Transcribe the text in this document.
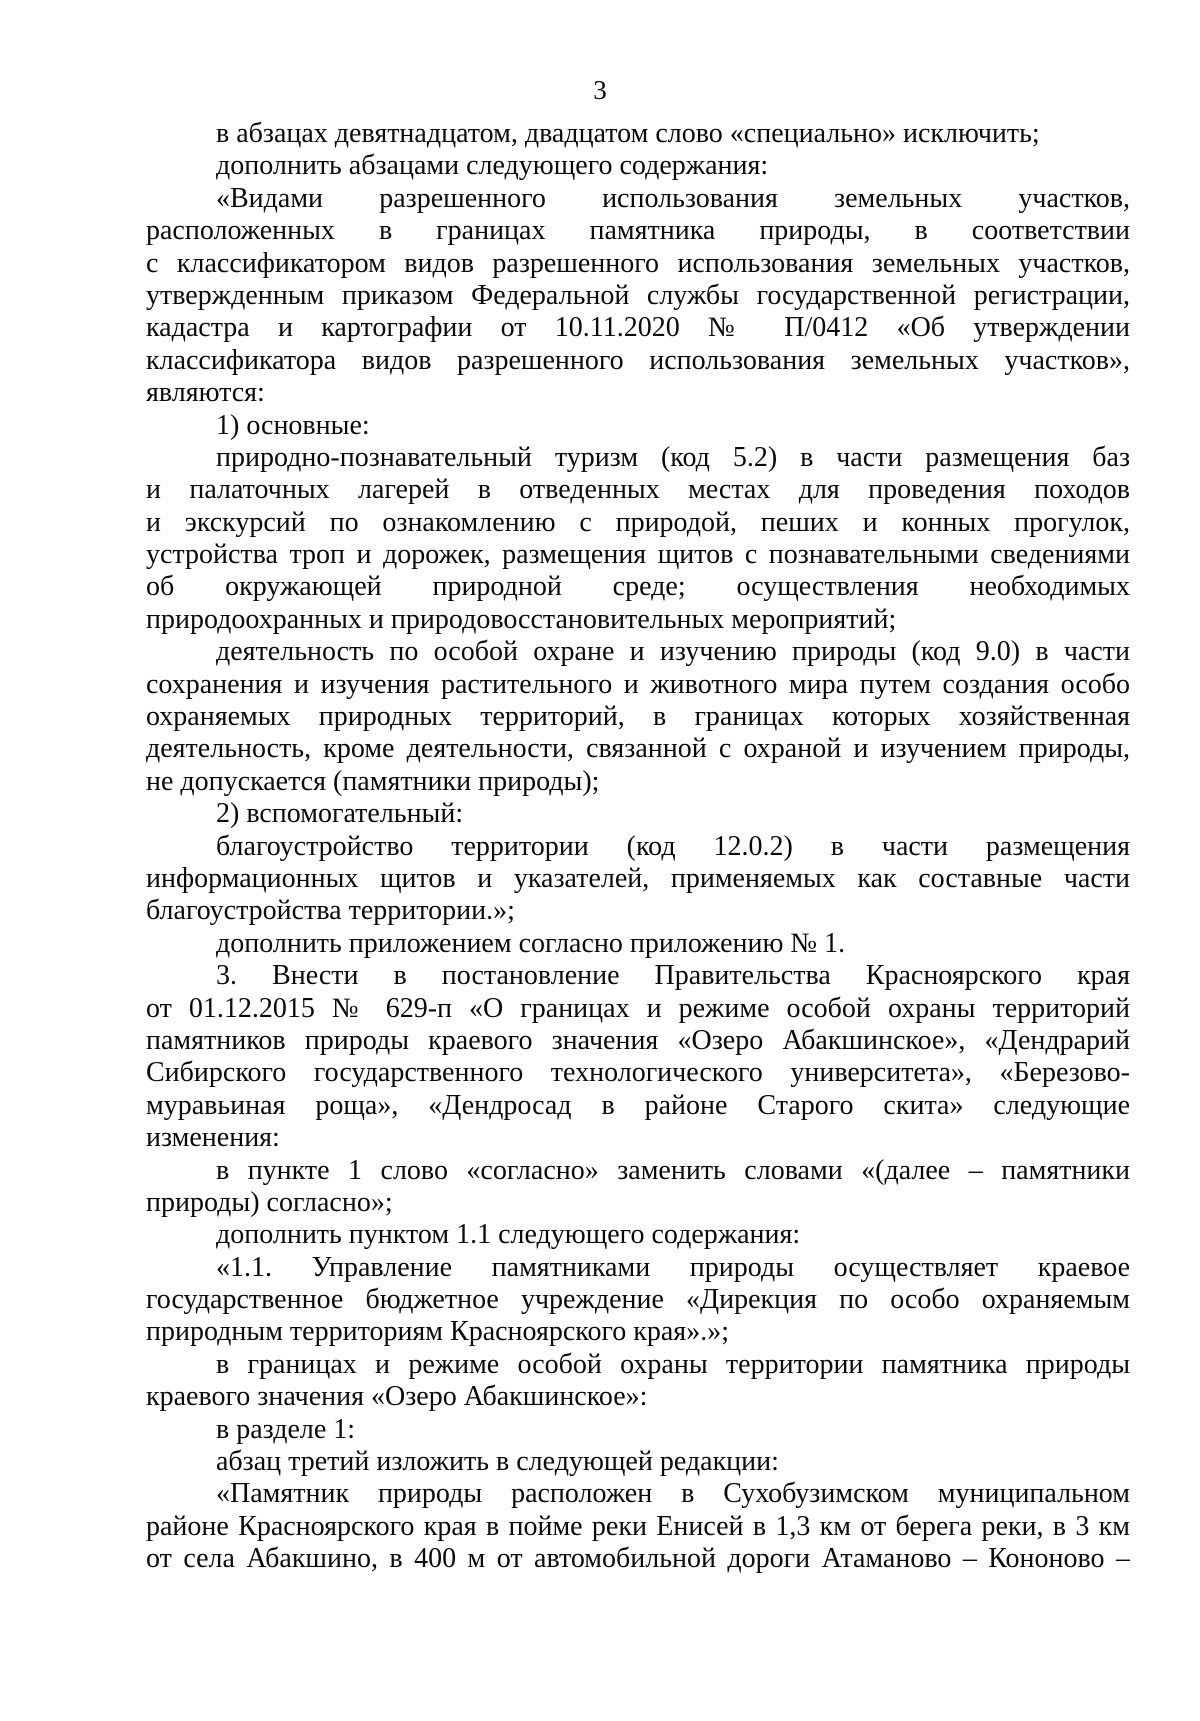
3
в абзацах девятнадцатом, двадцатом слово «специально» исключить;
дополнить абзацами следующего содержания:
«Видами разрешенного использования земельных участков,
расположенных в границах памятника природы, в соответствии
с классификатором видов разрешенного использования земельных участков,
утвержденным приказом Федеральной службы государственной регистрации,
кадастра и картографии от 10.11.2020 № П/0412 «Об утверждении
классификатора видов разрешенного использования земельных участков»,
являются:
1) основные:
природно-познавательный туризм (код 5.2) в части размещения баз
и палаточных лагерей в отведенных местах для проведения походов
и экскурсий по ознакомлению с природой, пеших и конных прогулок,
устройства троп и дорожек, размещения щитов с познавательными сведениями
об окружающей природной среде; осуществления необходимых
природоохранных и природовосстановительных мероприятий;
деятельность по особой охране и изучению природы (код 9.0) в части
сохранения и изучения растительного и животного мира путем создания особо
охраняемых природных территорий, в границах которых хозяйственная
деятельность, кроме деятельности, связанной с охраной и изучением природы,
не допускается (памятники природы);
2) вспомогательный:
благоустройство территории (код 12.0.2) в части размещения
информационных щитов и указателей, применяемых как составные части
благоустройства территории.»;
дополнить приложением согласно приложению № 1.
3. Внести в постановление Правительства Красноярского края
от 01.12.2015 № 629-п «О границах и режиме особой охраны территорий
памятников природы краевого значения «Озеро Абакшинское», «Дендрарий
Сибирского государственного технологического университета», «Березово-
муравьиная роща», «Дендросад в районе Старого скита» следующие
изменения:
в пункте 1 слово «согласно» заменить словами «(далее – памятники
природы) согласно»;
дополнить пунктом 1.1 следующего содержания:
«1.1. Управление памятниками природы осуществляет краевое
государственное бюджетное учреждение «Дирекция по особо охраняемым
природным территориям Красноярского края».»;
в границах и режиме особой охраны территории памятника природы
краевого значения «Озеро Абакшинское»:
в разделе 1:
абзац третий изложить в следующей редакции:
«Памятник природы расположен в Сухобузимском муниципальном
районе Красноярского края в пойме реки Енисей в 1,3 км от берега реки, в 3 км
от села Абакшино, в 400 м от автомобильной дороги Атаманово – Кононово –
